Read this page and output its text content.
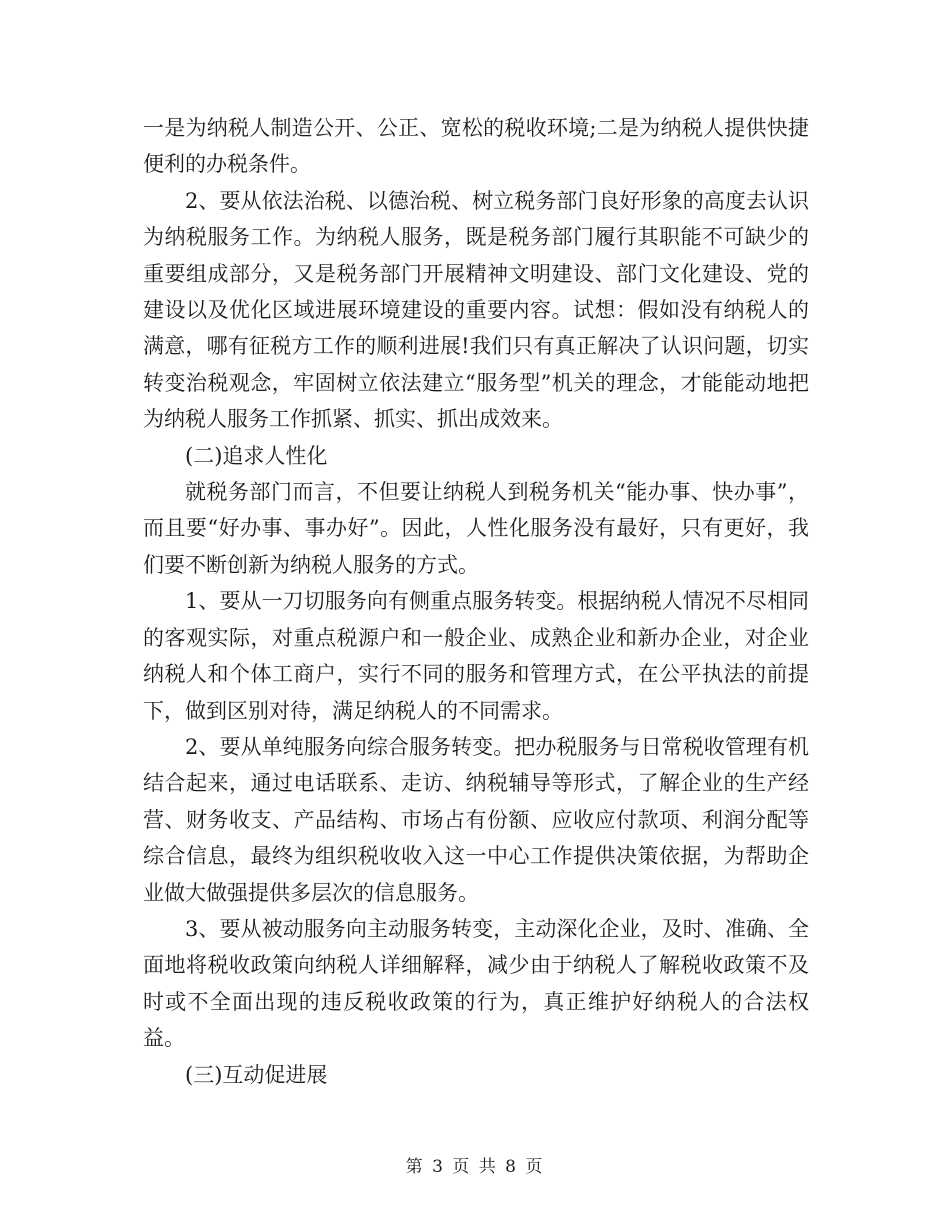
一是为纳税人制造公开、公正、宽松的税收环境;二是为纳税人提供快捷便利的办税条件。

2、要从依法治税、以德治税、树立税务部门良好形象的高度去认识为纳税服务工作。为纳税人服务，既是税务部门履行其职能不可缺少的重要组成部分，又是税务部门开展精神文明建设、部门文化建设、党的建设以及优化区域进展环境建设的重要内容。试想：假如没有纳税人的满意，哪有征税方工作的顺利进展!我们只有真正解决了认识问题，切实转变治税观念，牢固树立依法建立“服务型”机关的理念，才能能动地把为纳税人服务工作抓紧、抓实、抓出成效来。

(二)追求人性化

就税务部门而言，不但要让纳税人到税务机关“能办事、快办事”，而且要“好办事、事办好”。因此，人性化服务没有最好，只有更好，我们要不断创新为纳税人服务的方式。

1、要从一刀切服务向有侧重点服务转变。根据纳税人情况不尽相同的客观实际，对重点税源户和一般企业、成熟企业和新办企业，对企业纳税人和个体工商户，实行不同的服务和管理方式，在公平执法的前提下，做到区别对待，满足纳税人的不同需求。

2、要从单纯服务向综合服务转变。把办税服务与日常税收管理有机结合起来，通过电话联系、走访、纳税辅导等形式，了解企业的生产经营、财务收支、产品结构、市场占有份额、应收应付款项、利润分配等综合信息，最终为组织税收收入这一中心工作提供决策依据，为帮助企业做大做强提供多层次的信息服务。

3、要从被动服务向主动服务转变，主动深化企业，及时、准确、全面地将税收政策向纳税人详细解释，减少由于纳税人了解税收政策不及时或不全面出现的违反税收政策的行为，真正维护好纳税人的合法权益。

(三)互动促进展

第 3 页 共 8 页
